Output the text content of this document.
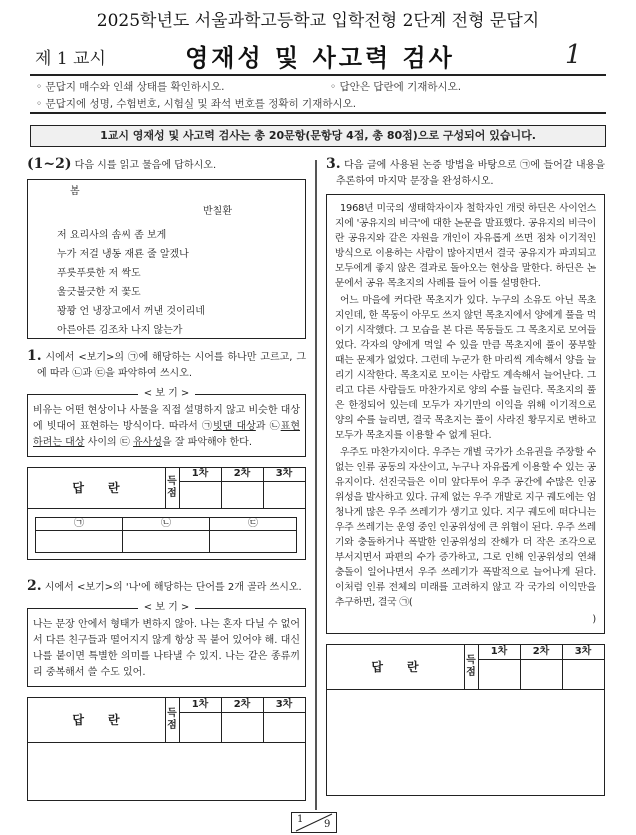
2025학년도 서울과학고등학교 입학전형 2단계 전형 문답지
제 1 교시	영재성 및 사고력 검사	1
◦ 문답지 매수와 인쇄 상태를 확인하시오.	◦ 답안은 답란에 기재하시오.
◦ 문답지에 성명, 수험번호, 시험실 및 좌석 번호를 정확히 기재하시오.
1교시 영재성 및 사고력 검사는 총 20문항(문항당 4점, 총 80점)으로 구성되어 있습니다.
(1~2) 다음 시를 읽고 물음에 답하시오.
봄
반칠환
저 요리사의 솜씨 좀 보게
누가 저걸 냉동 재룐 줄 알겠나
푸릇푸릇한 저 싹도
울긋불긋한 저 꽃도
꽝꽝 언 냉장고에서 꺼낸 것이리네
아른아른 김조차 나지 않는가
1. 시에서 <보기>의 ㉠에 해당하는 시어를 하나만 고르고, 그에 따라 ㉡과 ㉢을 파악하여 쓰시오.
< 보 기 >
비유는 어떤 현상이나 사물을 직접 설명하지 않고 비슷한 대상에 빗대어 표현하는 방식이다. 따라서 ㉠빗댄 대상과 ㉡표현하려는 대상 사이의 ㉢ 유사성을 잘 파악해야 한다.
답　　란	득
점	1차	2차	3차

㉠	㉡	㉢

2. 시에서 <보기>의 '나'에 해당하는 단어를 2개 골라 쓰시오.
< 보 기 >
나는 문장 안에서 형태가 변하지 않아. 나는 혼자 다닐 수 없어서 다른 친구들과 떨어지지 않게 항상 꼭 붙어 있어야 해. 대신 나를 붙이면 특별한 의미를 나타낼 수 있지. 나는 같은 종류끼리 중복해서 쓸 수도 있어.
답　　란	득
점	1차	2차	3차

3. 다음 글에 사용된 논증 방법을 바탕으로 ㉠에 들어갈 내용을 추론하여 마지막 문장을 완성하시오.

1968년 미국의 생태학자이자 철학자인 개럿 하딘은 사이언스지에 '공유지의 비극'에 대한 논문을 발표했다. 공유지의 비극이란 공유지와 같은 자원을 개인이 자유롭게 쓰면 점차 이기적인 방식으로 이용하는 사람이 많아지면서 결국 공유지가 파괴되고 모두에게 좋지 않은 결과로 돌아오는 현상을 말한다. 하딘은 논문에서 공유 목초지의 사례를 들어 이를 설명한다.

어느 마을에 커다란 목초지가 있다. 누구의 소유도 아닌 목초지인데, 한 목동이 아무도 쓰지 않던 목초지에서 양에게 풀을 먹이기 시작했다. 그 모습을 본 다른 목동들도 그 목초지로 모여들었다. 각자의 양에게 먹일 수 있을 만큼 목초지에 풀이 풍부할 때는 문제가 없었다. 그런데 누군가 한 마리씩 계속해서 양을 늘리기 시작한다. 목초지로 모이는 사람도 계속해서 늘어난다. 그리고 다른 사람들도 마찬가지로 양의 수를 늘린다. 목초지의 풀은 한정되어 있는데 모두가 자기만의 이익을 위해 이기적으로 양의 수를 늘리면, 결국 목초지는 풀이 사라진 황무지로 변하고 모두가 목초지를 이용할 수 없게 된다.

우주도 마찬가지이다. 우주는 개별 국가가 소유권을 주장할 수 없는 인류 공동의 자산이고, 누구나 자유롭게 이용할 수 있는 공유지이다. 선진국들은 이미 앞다투어 우주 공간에 수많은 인공위성을 발사하고 있다. 규제 없는 우주 개발로 지구 궤도에는 엄청나게 많은 우주 쓰레기가 생기고 있다. 지구 궤도에 떠다니는 우주 쓰레기는 운영 중인 인공위성에 큰 위협이 된다. 우주 쓰레기와 충돌하거나 폭발한 인공위성의 잔해가 더 작은 조각으로 부서지면서 파편의 수가 증가하고, 그로 인해 인공위성의 연쇄 충돌이 일어나면서 우주 쓰레기가 폭발적으로 늘어나게 된다. 이처럼 인류 전체의 미래를 고려하지 않고 각 국가의 이익만을 추구하면, 결국 ㉠(

)
답　　란	득
점	1차	2차	3차

1 9
